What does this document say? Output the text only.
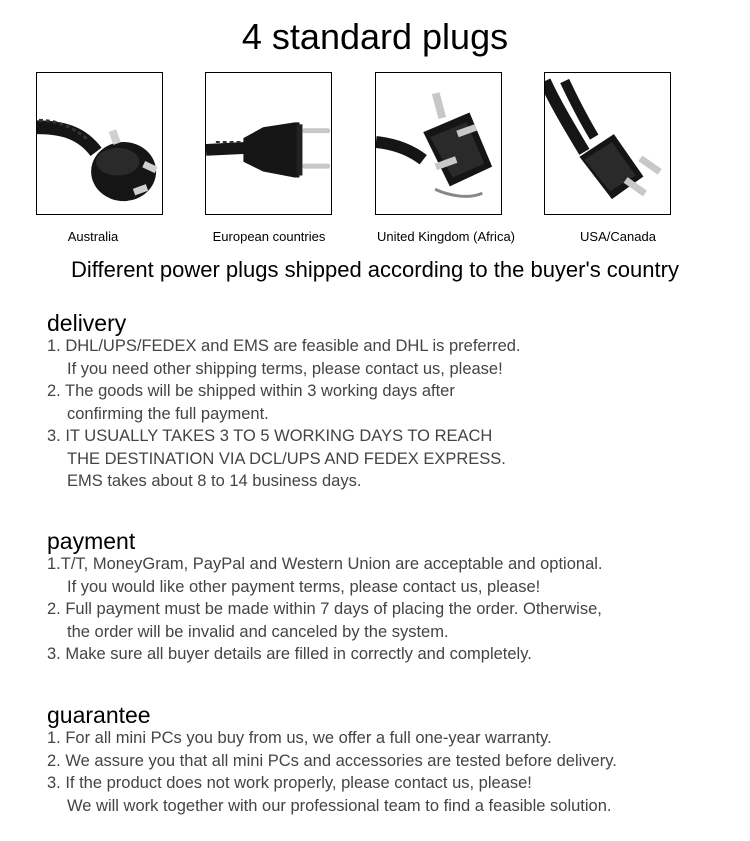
4 standard plugs
Australia	European countries	United Kingdom (Africa)	USA/Canada
Different power plugs shipped according to the buyer's country
delivery
1. DHL/UPS/FEDEX and EMS are feasible and DHL is preferred.
If you need other shipping terms, please contact us, please!
2. The goods will be shipped within 3 working days after
confirming the full payment.
3. IT USUALLY TAKES 3 TO 5 WORKING DAYS TO REACH
THE DESTINATION VIA DCL/UPS AND FEDEX EXPRESS.
EMS takes about 8 to 14 business days.
payment
1.T/T, MoneyGram, PayPal and Western Union are acceptable and optional.
If you would like other payment terms, please contact us, please!
2. Full payment must be made within 7 days of placing the order. Otherwise,
the order will be invalid and canceled by the system.
3. Make sure all buyer details are filled in correctly and completely.
guarantee
1. For all mini PCs you buy from us, we offer a full one-year warranty.
2. We assure you that all mini PCs and accessories are tested before delivery.
3. If the product does not work properly, please contact us, please!
We will work together with our professional team to find a feasible solution.
